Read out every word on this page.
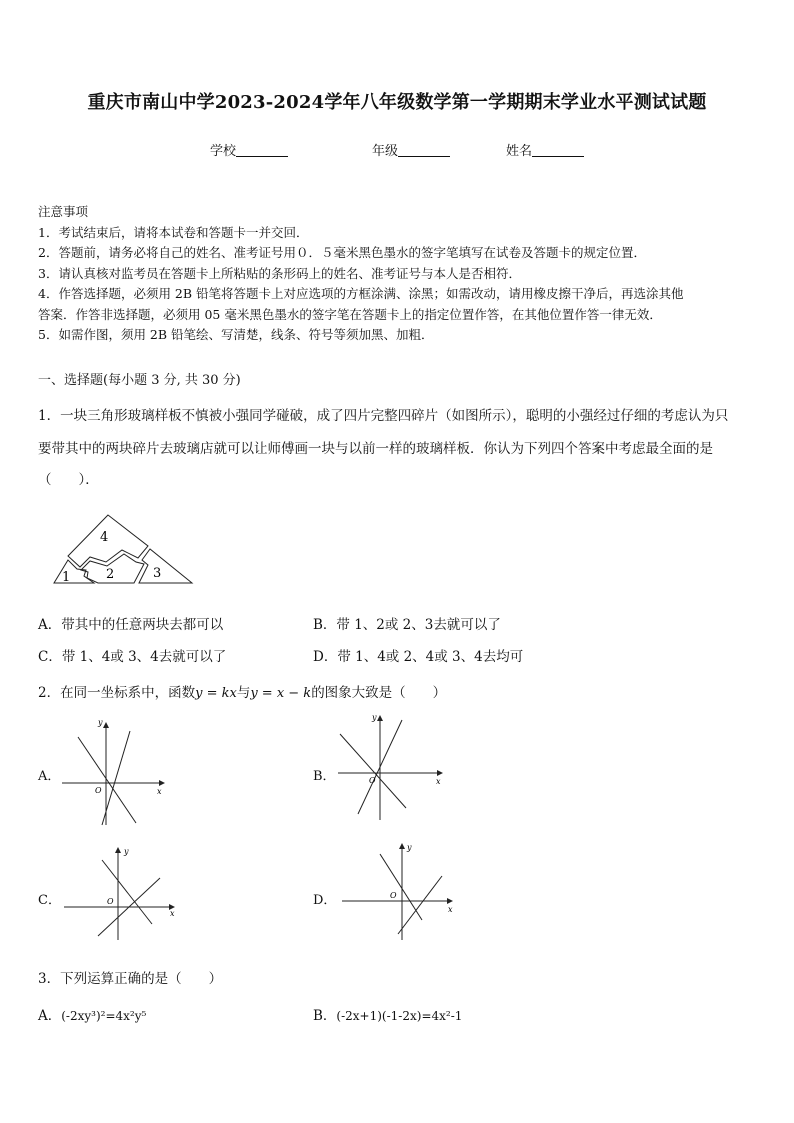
重庆市南山中学2023-2024学年八年级数学第一学期期末学业水平测试试题
学校	年级	姓名
注意事项
1．考试结束后，请将本试卷和答题卡一并交回．
2．答题前，请务必将自己的姓名、准考证号用０．５毫米黑色墨水的签字笔填写在试卷及答题卡的规定位置．
3．请认真核对监考员在答题卡上所粘贴的条形码上的姓名、准考证号与本人是否相符．
4．作答选择题，必须用 2B 铅笔将答题卡上对应选项的方框涂满、涂黑；如需改动，请用橡皮擦干净后，再选涂其他
答案．作答非选择题，必须用 05 毫米黑色墨水的签字笔在答题卡上的指定位置作答，在其他位置作答一律无效．
5．如需作图，须用 2B 铅笔绘、写清楚，线条、符号等须加黑、加粗．
一、选择题(每小题 3 分, 共 30 分)
1．一块三角形玻璃样板不慎被小强同学碰破，成了四片完整四碎片（如图所示），聪明的小强经过仔细的考虑认为只
要带其中的两块碎片去玻璃店就可以让师傅画一块与以前一样的玻璃样板．你认为下列四个答案中考虑最全面的是
（　　）．
4
1	2	3
A．带其中的任意两块去都可以	B．带 1、2或 2、3去就可以了
C．带 1、4或 3、4去就可以了	D．带 1、4或 2、4或 3、4去均可
2．在同一坐标系中，函数y = kx与y = x − k的图象大致是（　　）
A．
x
y
O
B．	x
y
O
C．
x
y
O	D．
x
y
O
3．下列运算正确的是（　　）
A．(-2xy³)²=4x²y⁵	B．(-2x+1)(-1-2x)=4x²-1
